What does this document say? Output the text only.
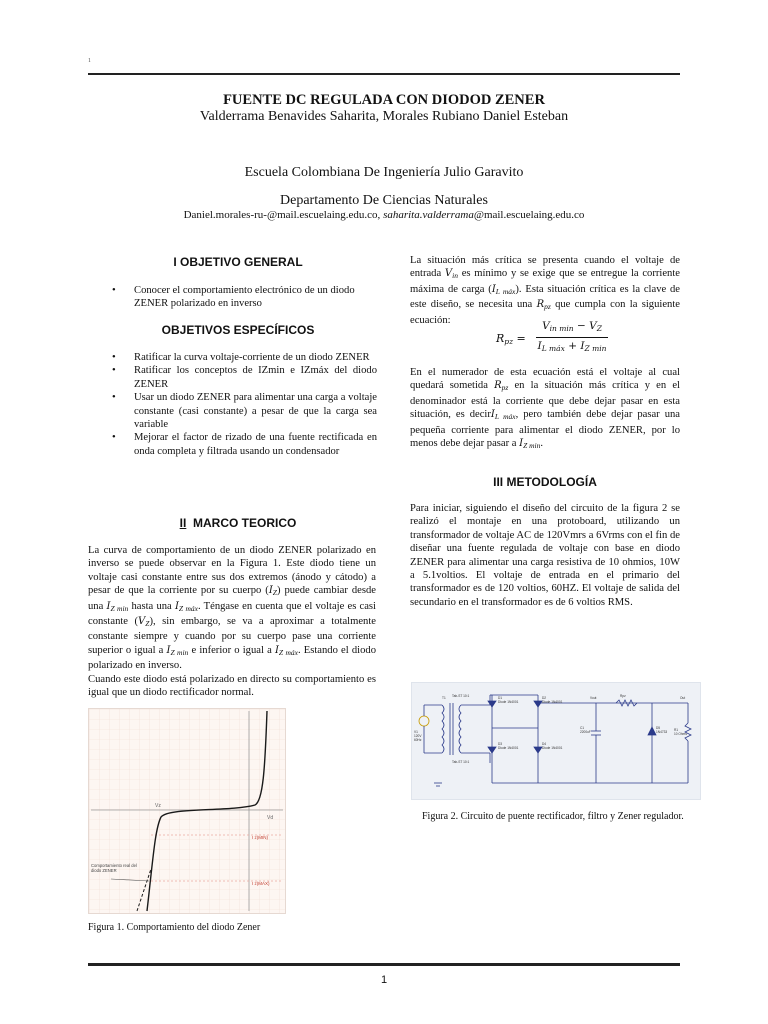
1
FUENTE DC REGULADA CON DIODOD ZENER
Valderrama Benavides Saharita, Morales Rubiano Daniel Esteban
Escuela Colombiana De Ingeniería Julio Garavito
Departamento De Ciencias Naturales
Daniel.morales-ru-@mail.escuelaing.edu.co, saharita.valderrama@mail.escuelaing.edu.co
I OBJETIVO GENERAL
• Conocer el comportamiento electrónico de un diodo ZENER polarizado en inverso
OBJETIVOS ESPECÍFICOS
• Ratificar la curva voltaje-corriente de un diodo ZENER
• Ratificar los conceptos de IZmin e IZmáx del diodo ZENER
• Usar un diodo ZENER para alimentar una carga a voltaje constante (casi constante) a pesar de que la carga sea variable
• Mejorar el factor de rizado de una fuente rectificada en onda completa y filtrada usando un condensador
II MARCO TEORICO
La curva de comportamiento de un diodo ZENER polarizado en inverso se puede observar en la Figura 1. Este diodo tiene un voltaje casi constante entre sus dos extremos (ánodo y cátodo) a pesar de que la corriente por su cuerpo $(I_Z)$ puede cambiar desde una $I_{Z min}$ hasta una $I_{Z máx}$. Téngase en cuenta que el voltaje es casi constante $(V_Z)$, sin embargo, se va a aproximar a totalmente constante siempre y cuando por su cuerpo pase una corriente superior o igual a $I_{Z min}$ e inferior o igual a $I_{Z máx}$. Estando el diodo polarizado en inverso.
Cuando este diodo está polarizado en directo su comportamiento es igual que un diodo rectificador normal.
Vz
Vd
I z(MIN)
I z(MAX)
Comportamiento real del diodo ZENER
Figura 1. Comportamiento del diodo Zener
La situación más crítica se presenta cuando el voltaje de entrada $V_{in}$ es mínimo y se exige que se entregue la corriente máxima de carga $(I_{L máx})$. Esta situación crítica es la clave de este diseño, se necesita una $R_{pz}$ que cumpla con la siguiente ecuación:
$R_{pz}$ =
$V_{in min} - V_Z$
$I_{L máx} + I_{Z min}$
En el numerador de esta ecuación está el voltaje al cual quedará sometida $R_{pz}$ en la situación más crítica y en el denominador está la corriente que debe dejar pasar en esta situación, es decirI$_{L máx}$, pero también debe dejar pasar una pequeña corriente para alimentar el diodo ZENER, por lo menos debe dejar pasar a $I_{Z min}$.
III METODOLOGÍA
Para iniciar, siguiendo el diseño del circuito de la figura 2 se realizó el montaje en una protoboard, utilizando un transformador de voltaje AC de 120Vmrs a 6Vrms con el fin de diseñar una fuente regulada de voltaje con base en diodo ZENER para alimentar una carga resistiva de 10 ohmios, 10W a 5.1voltios. El voltaje de entrada en el primario del transformador es de 120 voltios, 60HZ. El voltaje de salida del secundario en el transformador es de 6 voltios RMS.
T1 Tab-ST 10:1
Tab-ST 10:1
V1
120V
60Hz
D1
Diode 1N4001
D2
Diode 1N4001
D3
Diode 1N4001
D4
Diode 1N4001
C1
2200uF	R1
10 Ohms
Rpz
D5
1N4733
Vout	Out
Figura 2. Circuito de puente rectificador, filtro y Zener regulador.
1
